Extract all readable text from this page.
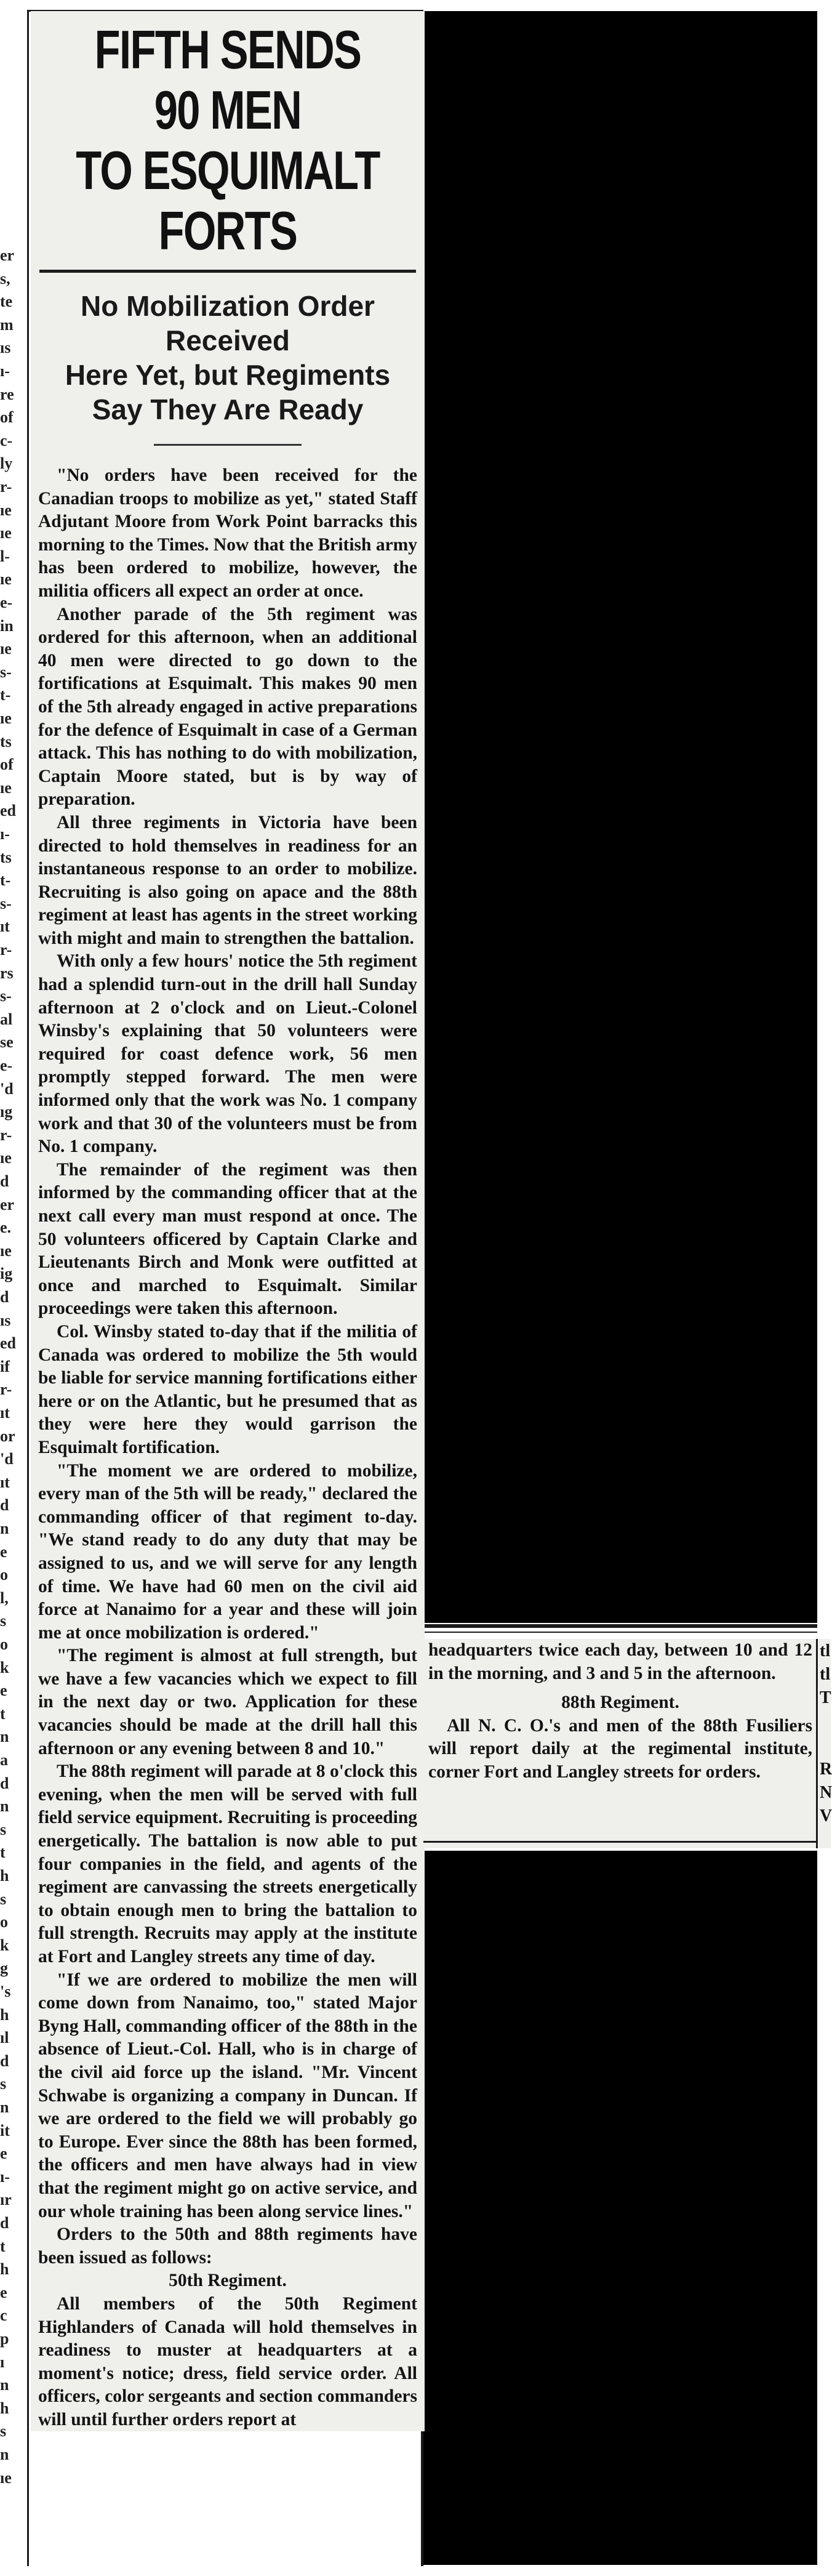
er
s,
te
m
ıs
ı-
re
of
c-
ly
r-
ıe
ıe
l-
ıe
e-
in
ıe
s-
t-
ıe
ts
of
ıe
ed
ı-
ts
t-
s-
ıt
r-
rs
s-
al
se
e-
'd
ıg
r-
ıe
d
er
e.
ıe
ig
d
ıs
ed
if
r-
ıt
or
'd
ıt
d
n
e
o
l,
s
o
k
e
t
n
a
d
n
s
t
h
s
o
k
g
's
h
ıl
d
s
n
it
e
ı-
ır
d
t
h
e
c
p
ı
n
h
s
n
ıe
FIFTH SENDS 90 MEN
TO ESQUIMALT FORTS
No Mobilization Order Received
Here Yet, but Regiments
Say They Are Ready

"No orders have been received for the Canadian troops to mobilize as yet," stated Staff Adjutant Moore from Work Point barracks this morning to the Times. Now that the British army has been ordered to mobilize, however, the militia officers all expect an order at once.

Another parade of the 5th regiment was ordered for this afternoon, when an additional 40 men were directed to go down to the fortifications at Esquimalt. This makes 90 men of the 5th already engaged in active preparations for the defence of Esquimalt in case of a German attack. This has nothing to do with mobilization, Captain Moore stated, but is by way of preparation.

All three regiments in Victoria have been directed to hold themselves in readiness for an instantaneous response to an order to mobilize. Recruiting is also going on apace and the 88th regiment at least has agents in the street working with might and main to strengthen the battalion.

With only a few hours' notice the 5th regiment had a splendid turn-out in the drill hall Sunday afternoon at 2 o'clock and on Lieut.-Colonel Winsby's explaining that 50 volunteers were required for coast defence work, 56 men promptly stepped forward. The men were informed only that the work was No. 1 company work and that 30 of the volunteers must be from No. 1 company.

The remainder of the regiment was then informed by the commanding officer that at the next call every man must respond at once. The 50 volunteers officered by Captain Clarke and Lieutenants Birch and Monk were outfitted at once and marched to Esquimalt. Similar proceedings were taken this afternoon.

Col. Winsby stated to-day that if the militia of Canada was ordered to mobilize the 5th would be liable for service manning fortifications either here or on the Atlantic, but he presumed that as they were here they would garrison the Esquimalt fortification.

"The moment we are ordered to mobilize, every man of the 5th will be ready," declared the commanding officer of that regiment to-day. "We stand ready to do any duty that may be assigned to us, and we will serve for any length of time. We have had 60 men on the civil aid force at Nanaimo for a year and these will join me at once mobilization is ordered."

"The regiment is almost at full strength, but we have a few vacancies which we expect to fill in the next day or two. Application for these vacancies should be made at the drill hall this afternoon or any evening between 8 and 10."

The 88th regiment will parade at 8 o'clock this evening, when the men will be served with full field service equipment. Recruiting is proceeding energetically. The battalion is now able to put four companies in the field, and agents of the regiment are canvassing the streets energetically to obtain enough men to bring the battalion to full strength. Recruits may apply at the institute at Fort and Langley streets any time of day.

"If we are ordered to mobilize the men will come down from Nanaimo, too," stated Major Byng Hall, commanding officer of the 88th in the absence of Lieut.-Col. Hall, who is in charge of the civil aid force up the island. "Mr. Vincent Schwabe is organizing a company in Duncan. If we are ordered to the field we will probably go to Europe. Ever since the 88th has been formed, the officers and men have always had in view that the regiment might go on active service, and our whole training has been along service lines."

Orders to the 50th and 88th regiments have been issued as follows:

50th Regiment.

All members of the 50th Regiment Highlanders of Canada will hold themselves in readiness to muster at headquarters at a moment's notice; dress, field service order. All officers, color sergeants and section commanders will until further orders report at

headquarters twice each day, between 10 and 12 in the morning, and 3 and 5 in the afternoon.

88th Regiment.

All N. C. O.'s and men of the 88th Fusiliers will report daily at the regimental institute, corner Fort and Langley streets for orders.

tl
tl
T
R
N
V
